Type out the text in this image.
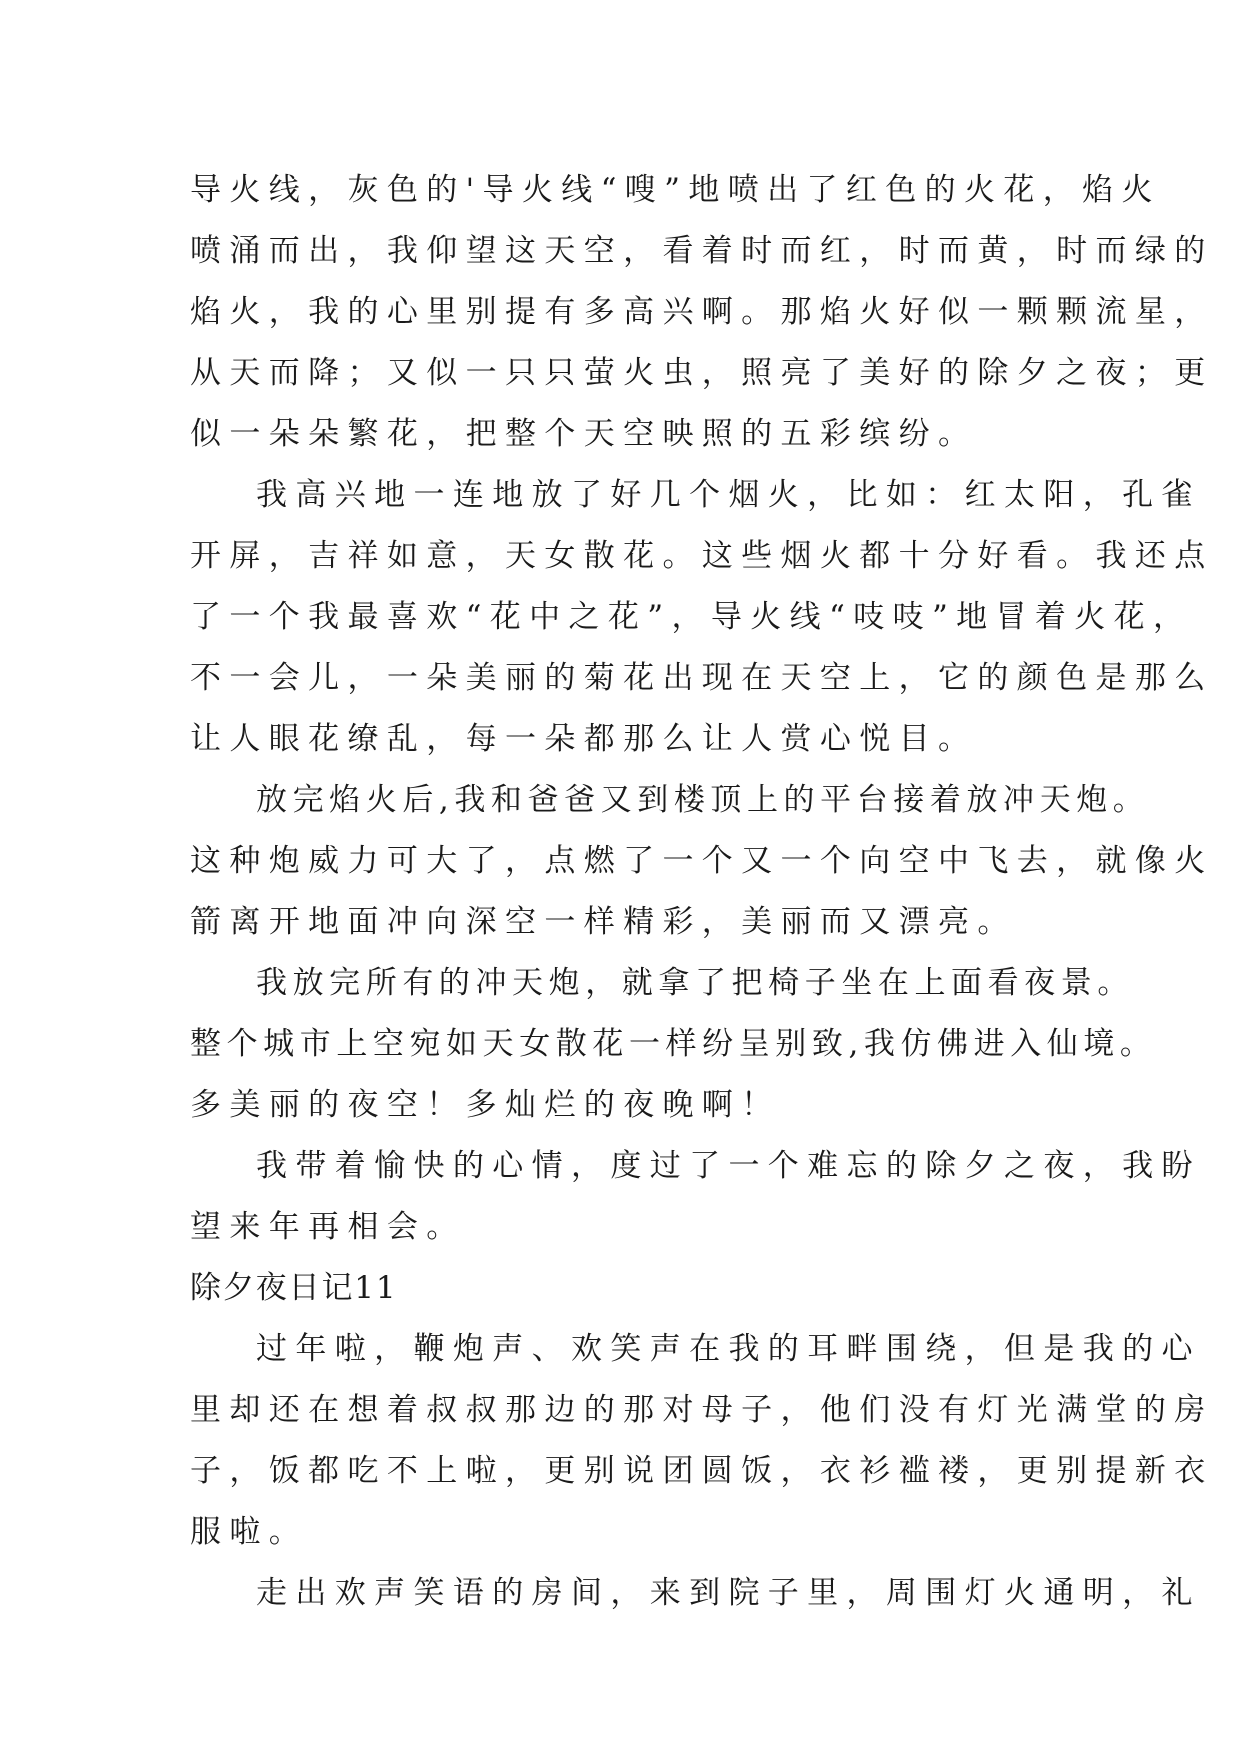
导火线，灰色的'导火线“嗖”地喷出了红色的火花，焰火
喷涌而出，我仰望这天空，看着时而红，时而黄，时而绿的
焰火，我的心里别提有多高兴啊。那焰火好似一颗颗流星，
从天而降；又似一只只萤火虫，照亮了美好的除夕之夜；更
似一朵朵繁花，把整个天空映照的五彩缤纷。
我高兴地一连地放了好几个烟火，比如：红太阳，孔雀
开屏，吉祥如意，天女散花。这些烟火都十分好看。我还点
了一个我最喜欢“花中之花”，导火线“吱吱”地冒着火花，
不一会儿，一朵美丽的菊花出现在天空上，它的颜色是那么
让人眼花缭乱，每一朵都那么让人赏心悦目。
放完焰火后,我和爸爸又到楼顶上的平台接着放冲天炮。
这种炮威力可大了，点燃了一个又一个向空中飞去，就像火
箭离开地面冲向深空一样精彩，美丽而又漂亮。
我放完所有的冲天炮，就拿了把椅子坐在上面看夜景。
整个城市上空宛如天女散花一样纷呈别致,我仿佛进入仙境。
多美丽的夜空！多灿烂的夜晚啊！
我带着愉快的心情，度过了一个难忘的除夕之夜，我盼
望来年再相会。
除夕夜日记11
过年啦，鞭炮声、欢笑声在我的耳畔围绕，但是我的心
里却还在想着叔叔那边的那对母子，他们没有灯光满堂的房
子，饭都吃不上啦，更别说团圆饭，衣衫褴褛，更别提新衣
服啦。
走出欢声笑语的房间，来到院子里，周围灯火通明，礼
